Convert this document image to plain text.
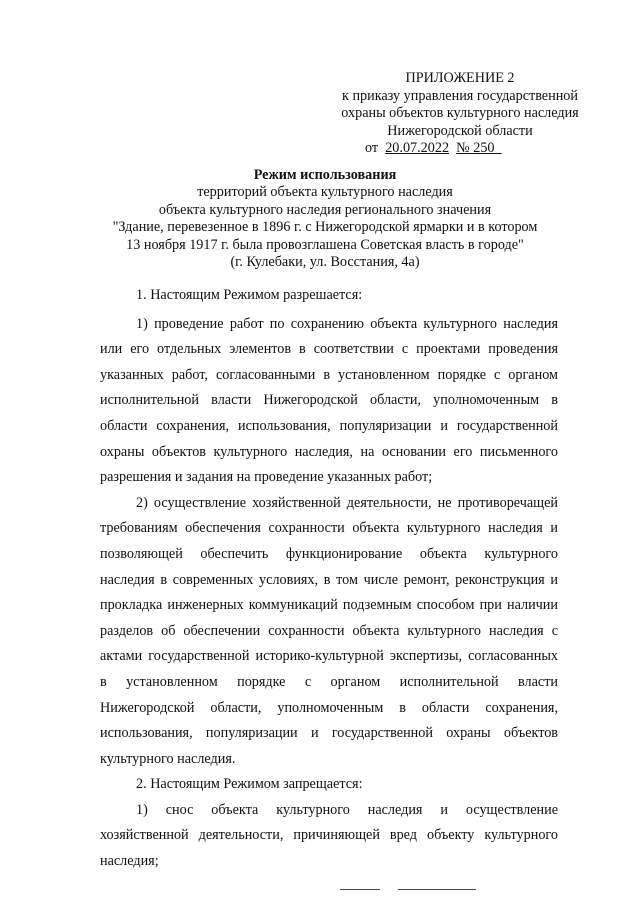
ПРИЛОЖЕНИЕ 2
к приказу управления государственной
охраны объектов культурного наследия
Нижегородской области
от 20.07.2022 № 250
Режим использования
территорий объекта культурного наследия
объекта культурного наследия регионального значения
"Здание, перевезенное в 1896 г. с Нижегородской ярмарки и в котором
13 ноября 1917 г. была провозглашена Советская власть в городе"
(г. Кулебаки, ул. Восстания, 4а)

1. Настоящим Режимом разрешается:

1) проведение работ по сохранению объекта культурного наследия или его отдельных элементов в соответствии с проектами проведения указанных работ, согласованными в установленном порядке с органом исполнительной власти Нижегородской области, уполномоченным в области сохранения, использования, популяризации и государственной охраны объектов культурного наследия, на основании его письменного разрешения и задания на проведение указанных работ;

2) осуществление хозяйственной деятельности, не противоречащей требованиям обеспечения сохранности объекта культурного наследия и позволяющей обеспечить функционирование объекта культурного наследия в современных условиях, в том числе ремонт, реконструкция и прокладка инженерных коммуникаций подземным способом при наличии разделов об обеспечении сохранности объекта культурного наследия с актами государственной историко-культурной экспертизы, согласованных в установленном порядке с органом исполнительной власти Нижегородской области, уполномоченным в области сохранения, использования, популяризации и государственной охраны объектов культурного наследия.

2. Настоящим Режимом запрещается:

1) снос объекта культурного наследия и осуществление хозяйственной деятельности, причиняющей вред объекту культурного наследия;
